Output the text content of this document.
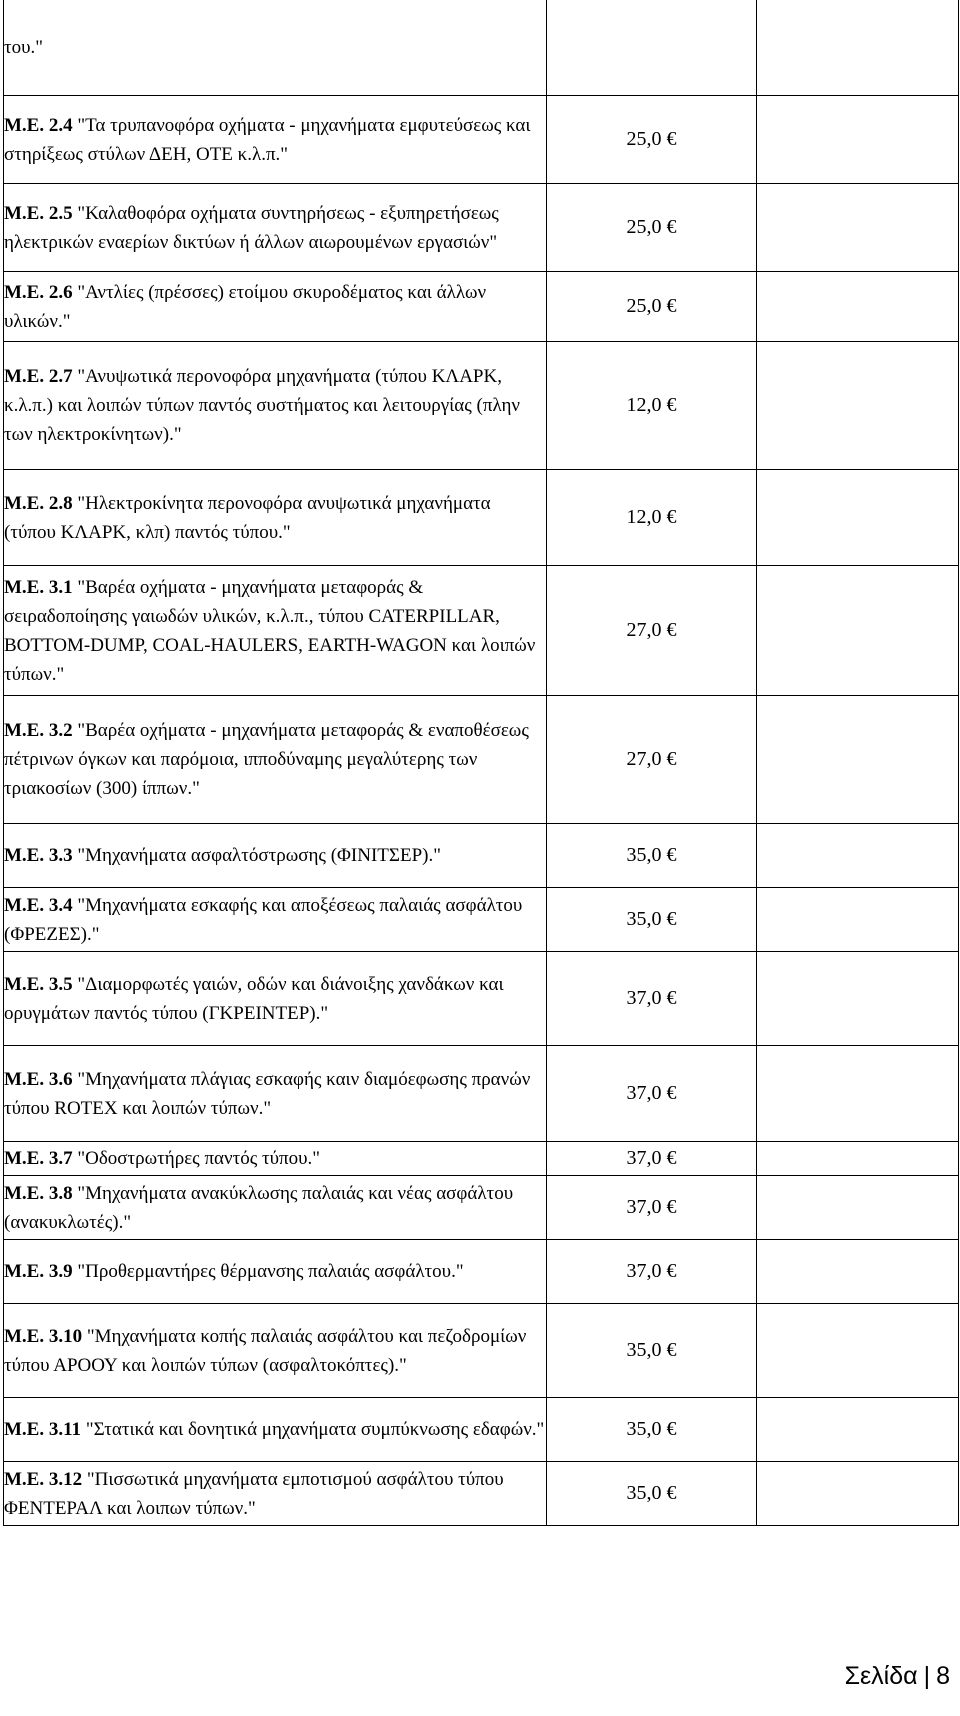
του."		
Μ.Ε. 2.4 "Τα τρυπανοφόρα οχήματα - μηχανήματα εμφυτεύσεως και στηρίξεως στύλων ΔΕΗ, ΟΤΕ κ.λ.π."	25,0 €	
Μ.Ε. 2.5 "Καλαθοφόρα οχήματα συντηρήσεως - εξυπηρετήσεως ηλεκτρικών εναερίων δικτύων ή άλλων αιωρουμένων εργασιών"	25,0 €	
Μ.Ε. 2.6 "Αντλίες (πρέσσες) ετοίμου σκυροδέματος και άλλων υλικών."	25,0 €	
Μ.Ε. 2.7 "Ανυψωτικά περονοφόρα μηχανήματα (τύπου ΚΛΑΡΚ, κ.λ.π.) και λοιπών τύπων παντός συστήματος και λειτουργίας (πλην των ηλεκτροκίνητων)."	12,0 €	
Μ.Ε. 2.8 "Ηλεκτροκίνητα περονοφόρα ανυψωτικά μηχανήματα (τύπου ΚΛΑΡΚ, κλπ) παντός τύπου."	12,0 €	
Μ.Ε. 3.1 "Βαρέα οχήματα - μηχανήματα μεταφοράς & σειραδοποίησης γαιωδών υλικών, κ.λ.π., τύπου CATERPILLAR, BOTTOM-DUMP, COAL-HAULERS, EARTH-WAGON και λοιπών τύπων."	27,0 €	
Μ.Ε. 3.2 "Βαρέα οχήματα - μηχανήματα μεταφοράς & εναποθέσεως πέτρινων όγκων και παρόμοια, ιπποδύναμης μεγαλύτερης των τριακοσίων (300) ίππων."	27,0 €	
Μ.Ε. 3.3 "Μηχανήματα ασφαλτόστρωσης (ΦΙΝΙΤΣΕΡ)."	35,0 €	
Μ.Ε. 3.4 "Μηχανήματα εσκαφής και αποξέσεως παλαιάς ασφάλτου (ΦΡΕΖΕΣ)."	35,0 €	
Μ.Ε. 3.5 "Διαμορφωτές γαιών, οδών και διάνοιξης χανδάκων και ορυγμάτων παντός τύπου (ΓΚΡΕΙΝΤΕΡ)."	37,0 €	
Μ.Ε. 3.6 "Μηχανήματα πλάγιας εσκαφής καιν διαμόεφωσης πρανών τύπου ROTEX και λοιπών τύπων."	37,0 €	
Μ.Ε. 3.7 "Οδοστρωτήρες παντός τύπου."	37,0 €	
Μ.Ε. 3.8 "Μηχανήματα ανακύκλωσης παλαιάς και νέας ασφάλτου (ανακυκλωτές)."	37,0 €	
Μ.Ε. 3.9 "Προθερμαντήρες θέρμανσης παλαιάς ασφάλτου."	37,0 €	
Μ.Ε. 3.10 "Μηχανήματα κοπής παλαιάς ασφάλτου και πεζοδρομίων τύπου ΑΡΟΟΥ και λοιπών τύπων (ασφαλτοκόπτες)."	35,0 €	
Μ.Ε. 3.11 "Στατικά και δονητικά μηχανήματα συμπύκνωσης εδαφών."	35,0 €	
Μ.Ε. 3.12 "Πισσωτικά μηχανήματα εμποτισμού ασφάλτου τύπου ΦΕΝΤΕΡΑΛ και λοιπων τύπων."	35,0 €	
Σελίδα | 8
